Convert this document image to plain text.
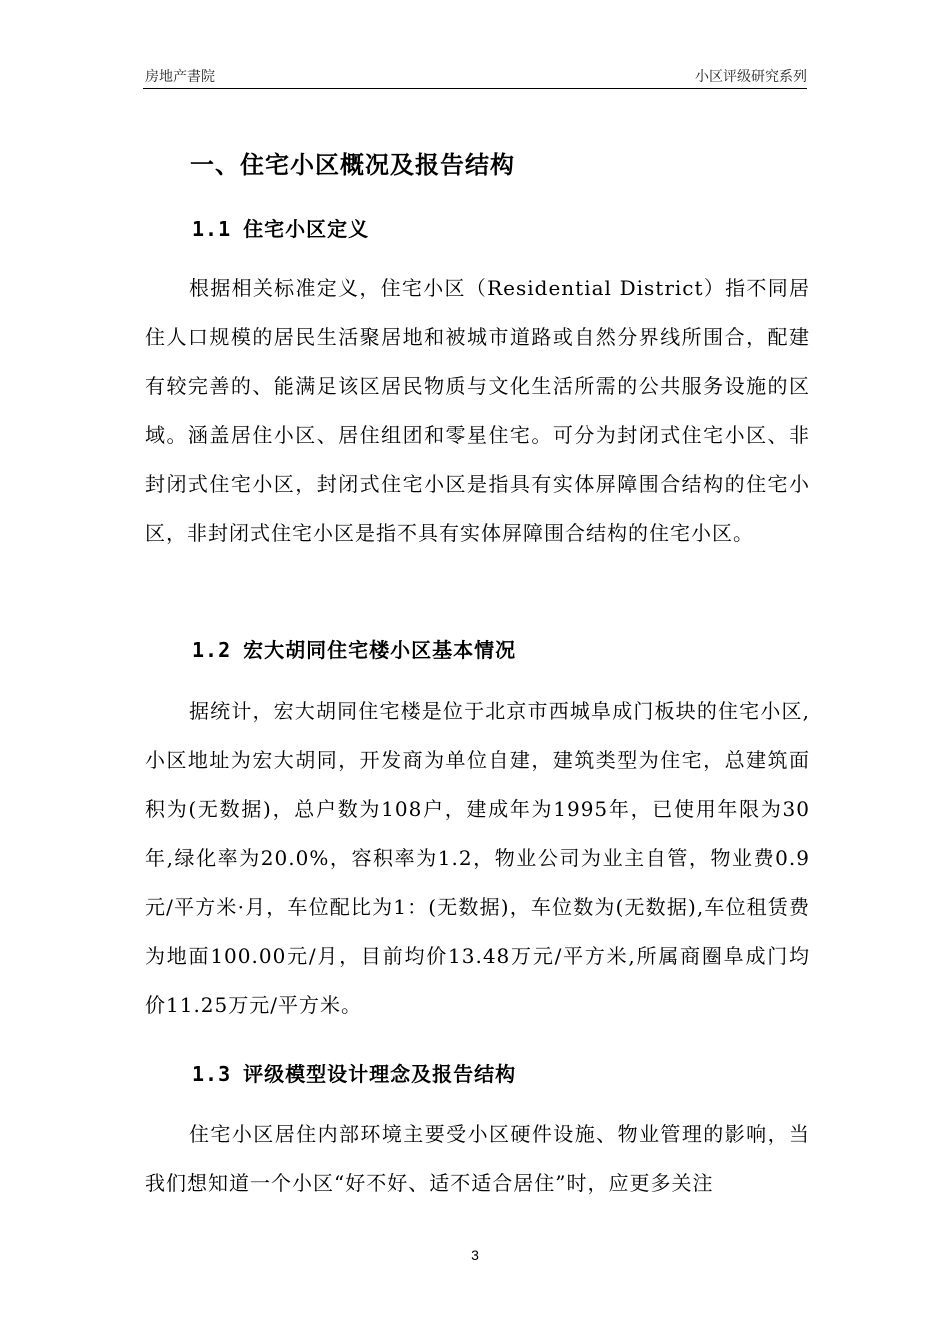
房地产書院	小区评级研究系列
一、住宅小区概况及报告结构
1.1 住宅小区定义
根据相关标准定义，住宅小区（Residential District）指不同居住人口规模的居民生活聚居地和被城市道路或自然分界线所围合，配建有较完善的、能满足该区居民物质与文化生活所需的公共服务设施的区域。涵盖居住小区、居住组团和零星住宅。可分为封闭式住宅小区、非封闭式住宅小区，封闭式住宅小区是指具有实体屏障围合结构的住宅小区，非封闭式住宅小区是指不具有实体屏障围合结构的住宅小区。
1.2 宏大胡同住宅楼小区基本情况
据统计，宏大胡同住宅楼是位于北京市西城阜成门板块的住宅小区,小区地址为宏大胡同，开发商为单位自建，建筑类型为住宅，总建筑面积为(无数据)，总户数为108户，建成年为1995年，已使用年限为30年,绿化率为20.0%，容积率为1.2，物业公司为业主自管，物业费0.9元/平方米·月，车位配比为1：(无数据)，车位数为(无数据),车位租赁费为地面100.00元/月，目前均价13.48万元/平方米,所属商圈阜成门均价11.25万元/平方米。
1.3 评级模型设计理念及报告结构
住宅小区居住内部环境主要受小区硬件设施、物业管理的影响，当我们想知道一个小区“好不好、适不适合居住”时，应更多关注
3
